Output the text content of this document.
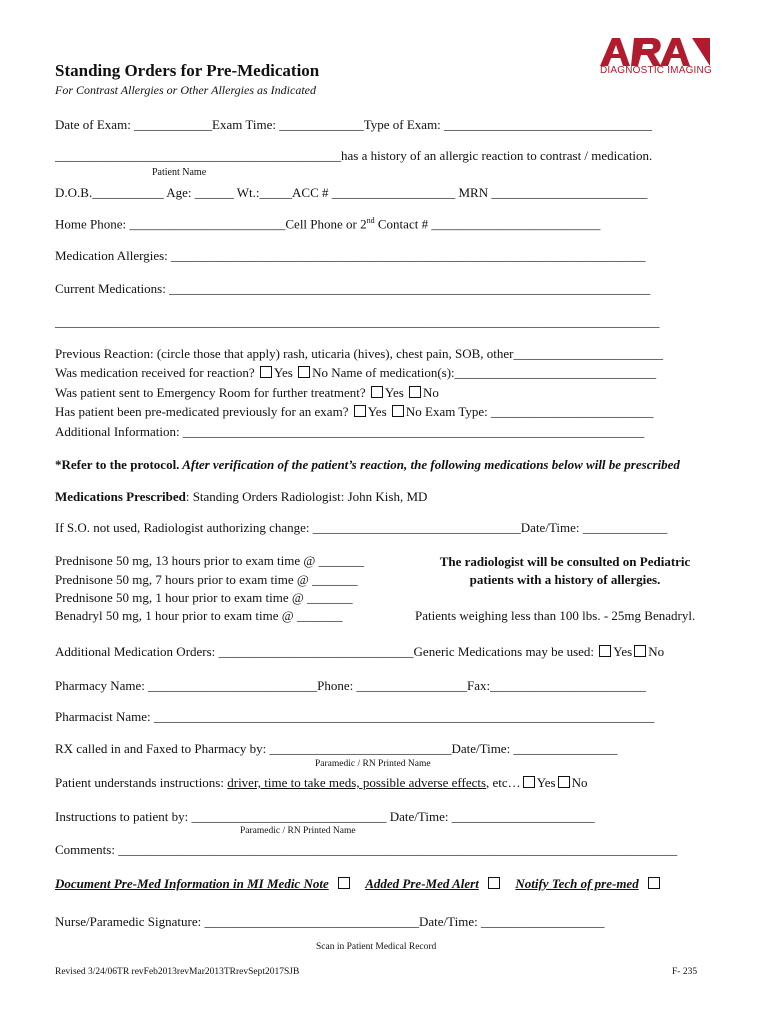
DIAGNOSTIC IMAGING
Standing Orders for Pre-Medication
For Contrast Allergies or Other Allergies as Indicated
Date of Exam: ____________Exam Time: _____________Type of Exam: ________________________________
____________________________________________has a history of an allergic reaction to contrast / medication.
Patient Name
D.O.B.___________ Age: ______ Wt.:_____ACC # ___________________ MRN ________________________
Home Phone: ________________________Cell Phone or 2nd Contact # __________________________
Medication Allergies: _________________________________________________________________________
Current Medications: __________________________________________________________________________
_____________________________________________________________________________________________
Previous Reaction: (circle those that apply) rash, uticaria (hives), chest pain, SOB, other_______________________
Was medication received for reaction? Yes No Name of medication(s):_______________________________
Was patient sent to Emergency Room for further treatment? Yes No
Has patient been pre-medicated previously for an exam? Yes No Exam Type: _________________________
Additional Information: _______________________________________________________________________
*Refer to the protocol. After verification of the patient’s reaction, the following medications below will be prescribed
Medications Prescribed: Standing Orders Radiologist: John Kish, MD
If S.O. not used, Radiologist authorizing change: ________________________________Date/Time: _____________
Prednisone 50 mg, 13 hours prior to exam time @ _______
Prednisone 50 mg, 7 hours prior to exam time @ _______
Prednisone 50 mg, 1 hour prior to exam time @ _______
Benadryl 50 mg, 1 hour prior to exam time @ _______
The radiologist will be consulted on Pediatric patients with a history of allergies.
Patients weighing less than 100 lbs. - 25mg Benadryl.
Additional Medication Orders: ______________________________Generic Medications may be used: Yes No
Pharmacy Name: __________________________Phone: _________________Fax:________________________
Pharmacist Name: _____________________________________________________________________________
RX called in and Faxed to Pharmacy by: ____________________________Date/Time: ________________
Paramedic / RN Printed Name
Patient understands instructions: driver, time to take meds, possible adverse effects, etc… Yes No
Instructions to patient by: ______________________________ Date/Time: ______________________
Paramedic / RN Printed Name
Comments: ______________________________________________________________________________________
Document Pre-Med Information in MI Medic Note	Added Pre-Med Alert	Notify Tech of pre-med
Nurse/Paramedic Signature: _________________________________Date/Time: ___________________
Scan in Patient Medical Record
Revised 3/24/06TR revFeb2013revMar2013TRrevSept2017SJB	F- 235
